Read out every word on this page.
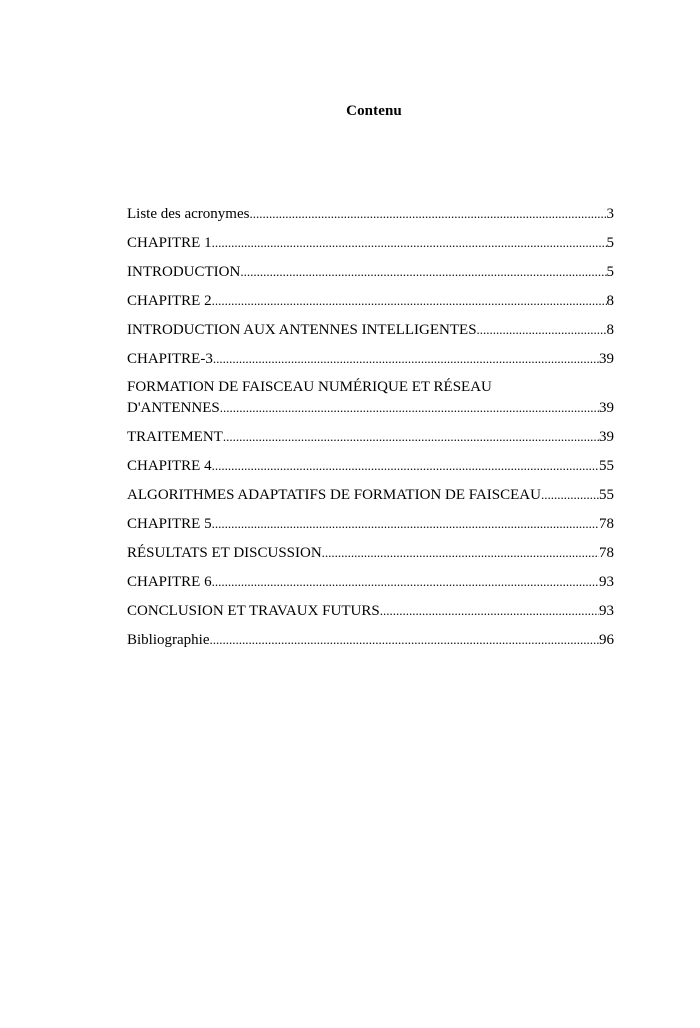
Contenu
Liste des acronymes .....	3
CHAPITRE 1 .....	5
INTRODUCTION .....	5
CHAPITRE 2 .....	8
INTRODUCTION AUX ANTENNES INTELLIGENTES .....	8
CHAPITRE-3 .....	39
FORMATION DE FAISCEAU NUMÉRIQUE ET RÉSEAU
D'ANTENNES .....	39
TRAITEMENT .....	39
CHAPITRE 4 .....	55
ALGORITHMES ADAPTATIFS DE FORMATION DE FAISCEAU .....	55
CHAPITRE 5 .....	78
RÉSULTATS ET DISCUSSION .....	78
CHAPITRE 6 .....	93
CONCLUSION ET TRAVAUX FUTURS .....	93
Bibliographie .....	96
